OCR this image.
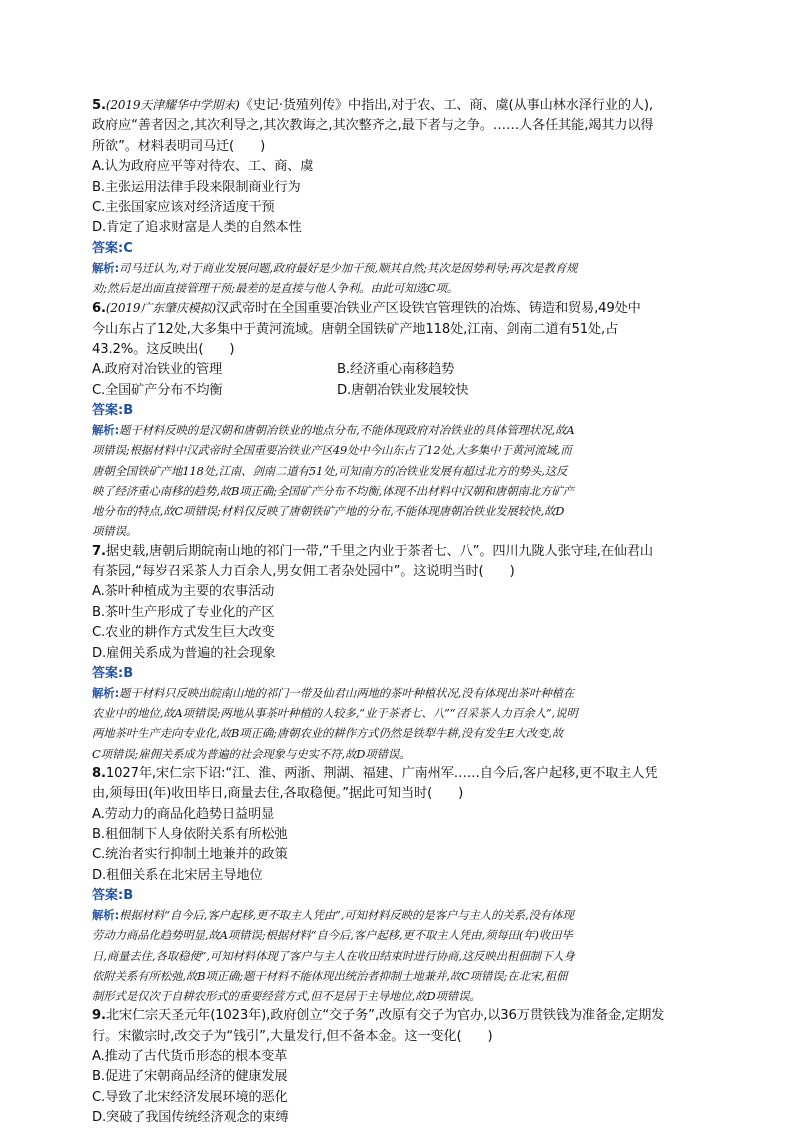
5.(2019天津耀华中学期末)《史记·货殖列传》中指出,对于农、工、商、虞(从事山林水泽行业的人),
政府应“善者因之,其次利导之,其次教诲之,其次整齐之,最下者与之争。……人各任其能,竭其力以得
所欲”。材料表明司马迁(　　)
A.认为政府应平等对待农、工、商、虞
B.主张运用法律手段来限制商业行为
C.主张国家应该对经济适度干预
D.肯定了追求财富是人类的自然本性
答案:C
解析:司马迁认为,对于商业发展问题,政府最好是少加干预,顺其自然;其次是因势利导;再次是教育规
劝;然后是出面直接管理干预;最差的是直接与他人争利。由此可知选C项。
6.(2019广东肇庆模拟)汉武帝时在全国重要冶铁业产区设铁官管理铁的冶炼、铸造和贸易,49处中
今山东占了12处,大多集中于黄河流域。唐朝全国铁矿产地118处,江南、剑南二道有51处,占
43.2%。这反映出(　　)
A.政府对冶铁业的管理	B.经济重心南移趋势
C.全国矿产分布不均衡	D.唐朝冶铁业发展较快
答案:B
解析:题干材料反映的是汉朝和唐朝冶铁业的地点分布,不能体现政府对冶铁业的具体管理状况,故A
项错误;根据材料中汉武帝时全国重要冶铁业产区49处中今山东占了12处,大多集中于黄河流域,而
唐朝全国铁矿产地118处,江南、剑南二道有51处,可知南方的冶铁业发展有超过北方的势头,这反
映了经济重心南移的趋势,故B项正确;全国矿产分布不均衡,体现不出材料中汉朝和唐朝南北方矿产
地分布的特点,故C项错误;材料仅反映了唐朝铁矿产地的分布,不能体现唐朝冶铁业发展较快,故D
项错误。
7.据史载,唐朝后期皖南山地的祁门一带,“千里之内业于茶者七、八”。四川九陇人张守珪,在仙君山
有茶园,“每岁召采茶人力百余人,男女佣工者杂处园中”。这说明当时(　　)
A.茶叶种植成为主要的农事活动
B.茶叶生产形成了专业化的产区
C.农业的耕作方式发生巨大改变
D.雇佣关系成为普遍的社会现象
答案:B
解析:题干材料只反映出皖南山地的祁门一带及仙君山两地的茶叶种植状况,没有体现出茶叶种植在
农业中的地位,故A项错误;两地从事茶叶种植的人较多,“业于茶者七、八”“召采茶人力百余人”,说明
两地茶叶生产走向专业化,故B项正确;唐朝农业的耕作方式仍然是铁犁牛耕,没有发生E大改变,故
C项错误;雇佣关系成为普遍的社会现象与史实不符,故D项错误。
8.1027年,宋仁宗下诏:“江、淮、两浙、荆湖、福建、广南州军……自今后,客户起移,更不取主人凭
由,须每田(年)收田毕日,商量去住,各取稳便。”据此可知当时(　　)
A.劳动力的商品化趋势日益明显
B.租佃制下人身依附关系有所松弛
C.统治者实行抑制土地兼并的政策
D.租佃关系在北宋居主导地位
答案:B
解析:根据材料“自今后,客户起移,更不取主人凭由”,可知材料反映的是客户与主人的关系,没有体现
劳动力商品化趋势明显,故A项错误;根据材料“自今后,客户起移,更不取主人凭由,须每田(年)收田毕
日,商量去住,各取稳便”,可知材料体现了客户与主人在收田结束时进行协商,这反映出租佃制下人身
依附关系有所松弛,故B项正确;题干材料不能体现出统治者抑制土地兼并,故C项错误;在北宋,租佃
制形式是仅次于自耕农形式的重要经营方式,但不是居于主导地位,故D项错误。
9.北宋仁宗天圣元年(1023年),政府创立“交子务”,改原有交子为官办,以36万贯铁钱为准备金,定期发
行。宋徽宗时,改交子为“钱引”,大量发行,但不备本金。这一变化(　　)
A.推动了古代货币形态的根本变革
B.促进了宋朝商品经济的健康发展
C.导致了北宋经济发展环境的恶化
D.突破了我国传统经济观念的束缚
